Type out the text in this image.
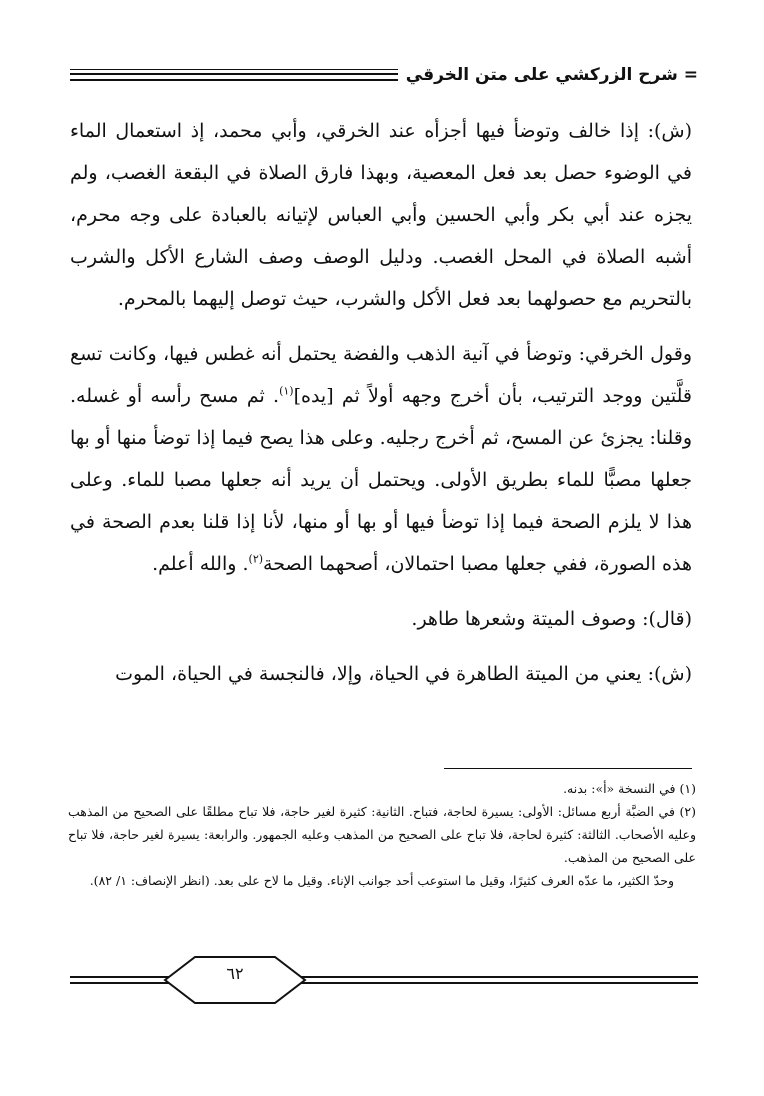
= شرح الزركشي على متن الخرقي

(ش): إذا خالف وتوضأ فيها أجزأه عند الخرقي، وأبي محمد، إذ استعمال الماء في الوضوء حصل بعد فعل المعصية، وبهذا فارق الصلاة في البقعة الغصب، ولم يجزه عند أبي بكر وأبي الحسين وأبي العباس لإتيانه بالعبادة على وجه محرم، أشبه الصلاة في المحل الغصب. ودليل الوصف وصف الشارع الأكل والشرب بالتحريم مع حصولهما بعد فعل الأكل والشرب، حيث توصل إليهما بالمحرم.

وقول الخرقي: وتوضأ في آنية الذهب والفضة يحتمل أنه غطس فيها، وكانت تسع قلَّتين ووجد الترتيب، بأن أخرج وجهه أولاً ثم [يده]$^{(١)}$. ثم مسح رأسه أو غسله. وقلنا: يجزئ عن المسح، ثم أخرج رجليه. وعلى هذا يصح فيما إذا توضأ منها أو بها جعلها مصبًّا للماء بطريق الأولى. ويحتمل أن يريد أنه جعلها مصبا للماء. وعلى هذا لا يلزم الصحة فيما إذا توضأ فيها أو بها أو منها، لأنا إذا قلنا بعدم الصحة في هذه الصورة، ففي جعلها مصبا احتمالان، أصحهما الصحة$^{(٢)}$. والله أعلم.

(قال): وصوف الميتة وشعرها طاهر.

(ش): يعني من الميتة الطاهرة في الحياة، وإلا، فالنجسة في الحياة، الموت

(١) في النسخة «أ»: بدنه.

(٢) في الضبَّة أربع مسائل: الأولى: يسيرة لحاجة، فتباح. الثانية: كثيرة لغير حاجة، فلا تباح مطلقًا على الصحيح من المذهب وعليه الأصحاب. الثالثة: كثيرة لحاجة، فلا تباح على الصحيح من المذهب وعليه الجمهور. والرابعة: يسيرة لغير حاجة، فلا تباح على الصحيح من المذهب.

وحدّ الكثير، ما عدّه العرف كثيرًا، وقيل ما استوعب أحد جوانب الإناء. وقيل ما لاح على بعد. (انظر الإنصاف: ١/ ٨٢).

٦٢
